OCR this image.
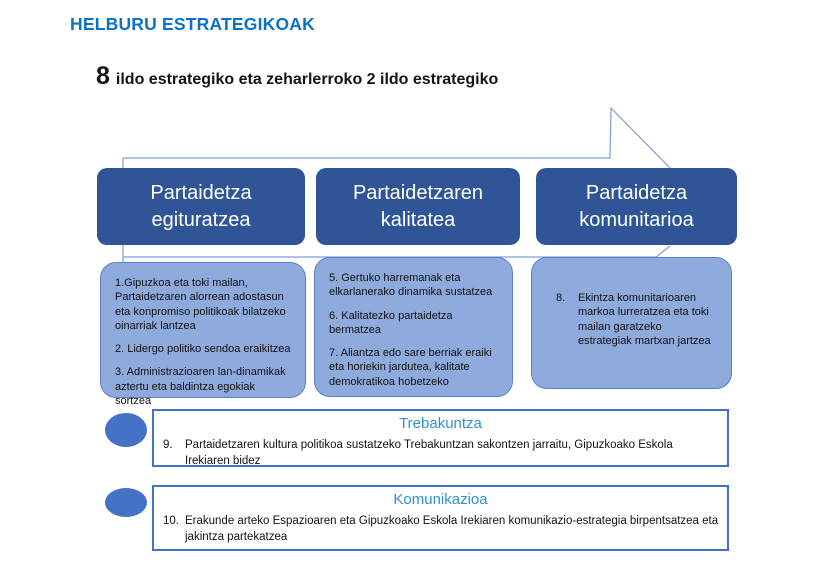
HELBURU ESTRATEGIKOAK
8 ildo estrategiko eta zeharlerroko 2 ildo estrategiko
Partaidetza egituratzea
Partaidetzaren kalitatea
Partaidetza komunitarioa

1.Gipuzkoa eta toki mailan, Partaidetzaren alorrean adostasun eta konpromiso politikoak bilatzeko oinarriak lantzea

2. Lidergo politiko sendoa eraikitzea

3. Administrazioaren lan-dinamikak aztertu eta baldintza egokiak sortzea

5. Gertuko harremanak eta elkarlanerako dinamika sustatzea

6. Kalitatezko partaidetza bermatzea

7. Aliantza edo sare berriak eraiki eta horiekin jardutea, kalitate demokratikoa hobetzeko

8.	Ekintza komunitarioaren markoa lurreratzea eta toki mailan garatzeko estrategiak martxan jartzea
Trebakuntza
9.	Partaidetzaren kultura politikoa sustatzeko Trebakuntzan sakontzen jarraitu, Gipuzkoako Eskola Irekiaren bidez
Komunikazioa
10. Erakunde arteko Espazioaren eta Gipuzkoako Eskola Irekiaren komunikazio-estrategia birpentsatzea eta jakintza partekatzea
